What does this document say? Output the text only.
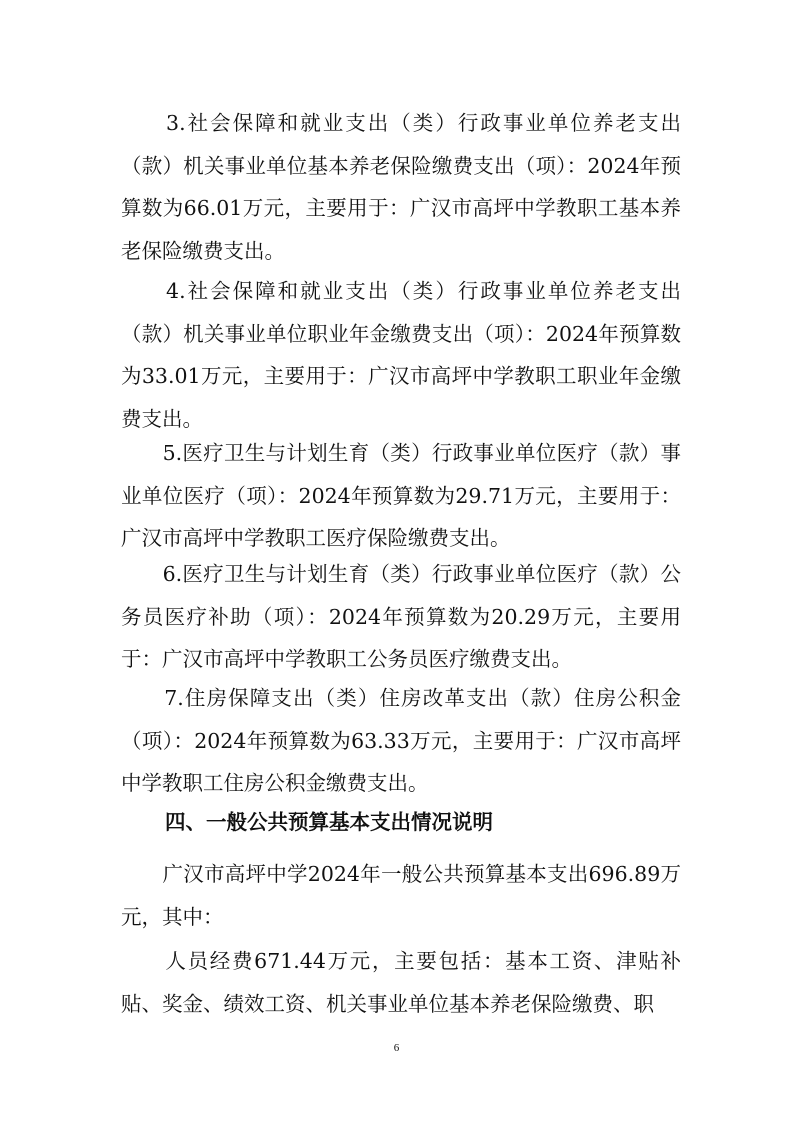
　　3.社会保障和就业支出（类）行政事业单位养老支出（款）机关事业单位基本养老保险缴费支出（项）：2024年预算数为66.01万元，主要用于：广汉市高坪中学教职工基本养老保险缴费支出。

　　4.社会保障和就业支出（类）行政事业单位养老支出（款）机关事业单位职业年金缴费支出（项）：2024年预算数为33.01万元，主要用于：广汉市高坪中学教职工职业年金缴费支出。

　　5.医疗卫生与计划生育（类）行政事业单位医疗（款）事业单位医疗（项）：2024年预算数为29.71万元，主要用于：广汉市高坪中学教职工医疗保险缴费支出。

　　6.医疗卫生与计划生育（类）行政事业单位医疗（款）公务员医疗补助（项）：2024年预算数为20.29万元，主要用于：广汉市高坪中学教职工公务员医疗缴费支出。

　　7.住房保障支出（类）住房改革支出（款）住房公积金（项）：2024年预算数为63.33万元，主要用于：广汉市高坪中学教职工住房公积金缴费支出。

四、一般公共预算基本支出情况说明

　　广汉市高坪中学2024年一般公共预算基本支出696.89万元，其中：

　　人员经费671.44万元，主要包括：基本工资、津贴补贴、奖金、绩效工资、机关事业单位基本养老保险缴费、职

6
